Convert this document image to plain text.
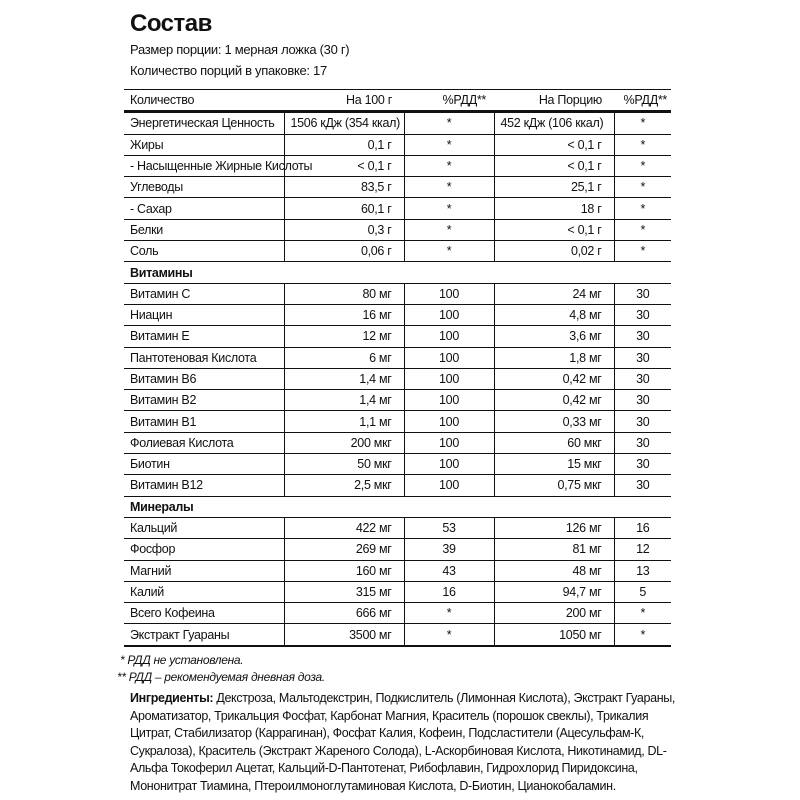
Состав
Размер порции: 1 мерная ложка (30 г)
Количество порций в упаковке: 17
Количество	На 100 г	%РДД**	На Порцию	%РДД**
Энергетическая Ценность	1506 кДж (354 ккал)	*	452 кДж (106 ккал)	*
Жиры	0,1 г	*	< 0,1 г	*
- Насыщенные Жирные Кислоты	< 0,1 г	*	< 0,1 г	*
Углеводы	83,5 г	*	25,1 г	*
- Сахар	60,1 г	*	18 г	*
Белки	0,3 г	*	< 0,1 г	*
Соль	0,06 г	*	0,02 г	*
Витамины				
Витамин C	80 мг	100	24 мг	30
Ниацин	16 мг	100	4,8 мг	30
Витамин E	12 мг	100	3,6 мг	30
Пантотеновая Кислота	6 мг	100	1,8 мг	30
Витамин B6	1,4 мг	100	0,42 мг	30
Витамин B2	1,4 мг	100	0,42 мг	30
Витамин B1	1,1 мг	100	0,33 мг	30
Фолиевая Кислота	200 мкг	100	60 мкг	30
Биотин	50 мкг	100	15 мкг	30
Витамин B12	2,5 мкг	100	0,75 мкг	30
Минералы				
Кальций	422 мг	53	126 мг	16
Фосфор	269 мг	39	81 мг	12
Магний	160 мг	43	48 мг	13
Калий	315 мг	16	94,7 мг	5
Всего Кофеина	666 мг	*	200 мг	*
Экстракт Гуараны	3500 мг	*	1050 мг	*
* РДД не установлена.
** РДД – рекомендуемая дневная доза.
Ингредиенты: Декстроза, Мальтодекстрин, Подкислитель (Лимонная Кислота), Экстракт Гуараны, Ароматизатор, Трикальция Фосфат, Карбонат Магния, Краситель (порошок свеклы), Трикалия Цитрат, Стабилизатор (Каррагинан), Фосфат Калия, Кофеин, Подсластители (Ацесульфам-К, Сукралоза), Краситель (Экстракт Жареного Солода), L-Аскорбиновая Кислота, Никотинамид, DL-Альфа Токоферил Ацетат, Кальций-D-Пантотенат, Рибофлавин, Гидрохлорид Пиридоксина, Мононитрат Тиамина, Птероилмоноглутаминовая Кислота, D-Биотин, Цианокобаламин.
